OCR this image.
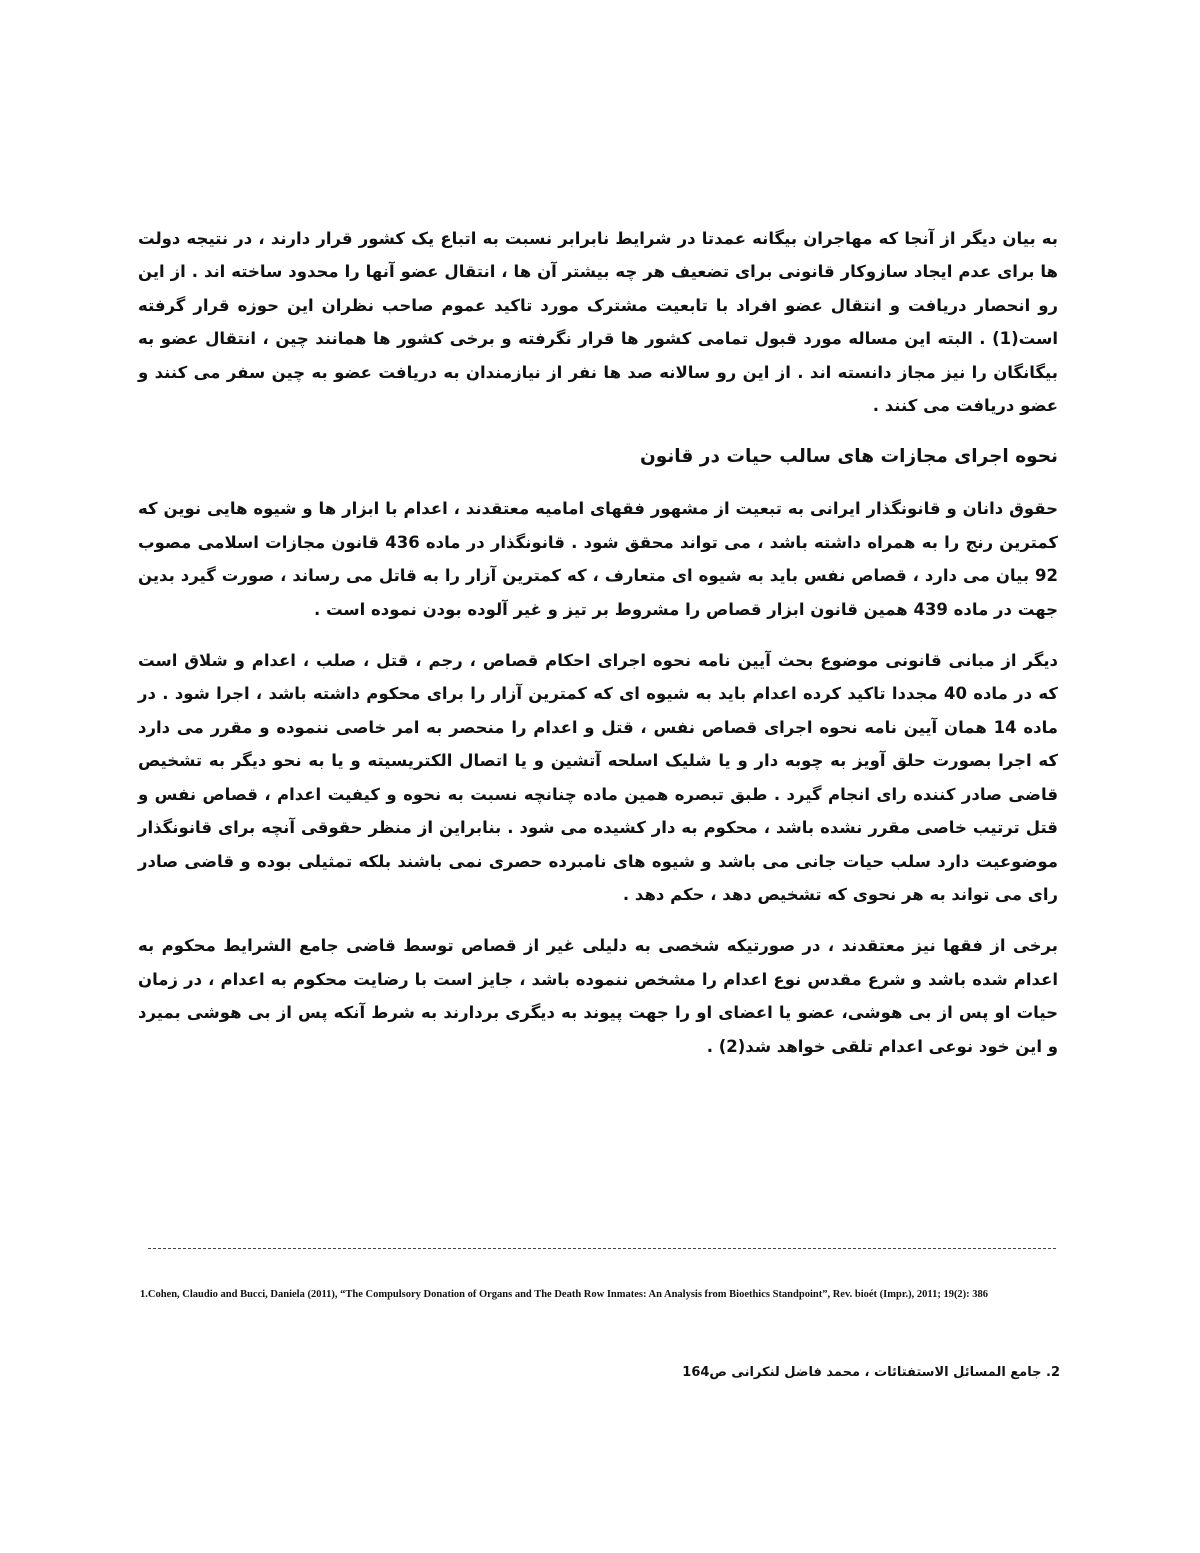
به بیان دیگر از آنجا که مهاجران بیگانه عمدتا در شرایط نابرابر نسبت به اتباع یک کشور قرار دارند ، در نتیجه دولت ها برای عدم ایجاد سازوکار قانونی برای تضعیف هر چه بیشتر آن ها ، انتقال عضو آنها را محدود ساخته اند . از این رو انحصار دریافت و انتقال عضو افراد با تابعیت مشترک مورد تاکید عموم صاحب نظران این حوزه قرار گرفته است(1) . البته این مساله مورد قبول تمامی کشور ها قرار نگرفته و برخی کشور ها همانند چین ، انتقال عضو به بیگانگان را نیز مجاز دانسته اند . از این رو سالانه صد ها نفر از نیازمندان به دریافت عضو به چین سفر می کنند و عضو دریافت می کنند .

نحوه اجرای مجازات های سالب حیات در قانون

حقوق دانان و قانونگذار ایرانی به تبعیت از مشهور فقهای امامیه معتقدند ، اعدام با ابزار ها و شیوه هایی نوین که کمترین رنج را به همراه داشته باشد ، می تواند محقق شود . قانونگذار در ماده 436 قانون مجازات اسلامی مصوب 92 بیان می دارد ، قصاص نفس باید به شیوه ای متعارف ، که کمترین آزار را به قاتل می رساند ، صورت گیرد بدین جهت در ماده 439 همین قانون ابزار قصاص را مشروط بر تیز و غیر آلوده بودن نموده است .

دیگر از مبانی قانونی موضوع بحث آیین نامه نحوه اجرای احکام قصاص ، رجم ، قتل ، صلب ، اعدام و شلاق است که در ماده 40 مجددا تاکید کرده اعدام باید به شیوه ای که کمترین آزار را برای محکوم داشته باشد ، اجرا شود . در ماده 14 همان آیین نامه نحوه اجرای قصاص نفس ، قتل و اعدام را منحصر به امر خاصی ننموده و مقرر می دارد که اجرا بصورت حلق آویز به چوبه دار و یا شلیک اسلحه آتشین و یا اتصال الکتریسیته و یا به نحو دیگر به تشخیص قاضی صادر کننده رای انجام گیرد . طبق تبصره همین ماده چنانچه نسبت به نحوه و کیفیت اعدام ، قصاص نفس و قتل ترتیب خاصی مقرر نشده باشد ، محکوم به دار کشیده می شود . بنابراین از منظر حقوقی آنچه برای قانونگذار موضوعیت دارد سلب حیات جانی می باشد و شیوه های نامبرده حصری نمی باشند بلکه تمثیلی بوده و قاضی صادر رای می تواند به هر نحوی که تشخیص دهد ، حکم دهد .

برخی از فقها نیز معتقدند ، در صورتیکه شخصی به دلیلی غیر از قصاص توسط قاضی جامع الشرایط محکوم به اعدام شده باشد و شرع مقدس نوع اعدام را مشخص ننموده باشد ، جایز است با رضایت محکوم به اعدام ، در زمان حیات او پس از بی هوشی، عضو یا اعضای او را جهت پیوند به دیگری بردارند به شرط آنکه پس از بی هوشی بمیرد و این خود نوعی اعدام تلقی خواهد شد(2) .

1.Cohen, Claudio and Bucci, Daniela (2011), “The Compulsory Donation of Organs and The Death Row Inmates: An Analysis from Bioethics Standpoint”, Rev. bioét (Impr.), 2011; 19(2): 386
2. جامع المسائل الاستفتائات ، محمد فاضل لنکرانی ص164
